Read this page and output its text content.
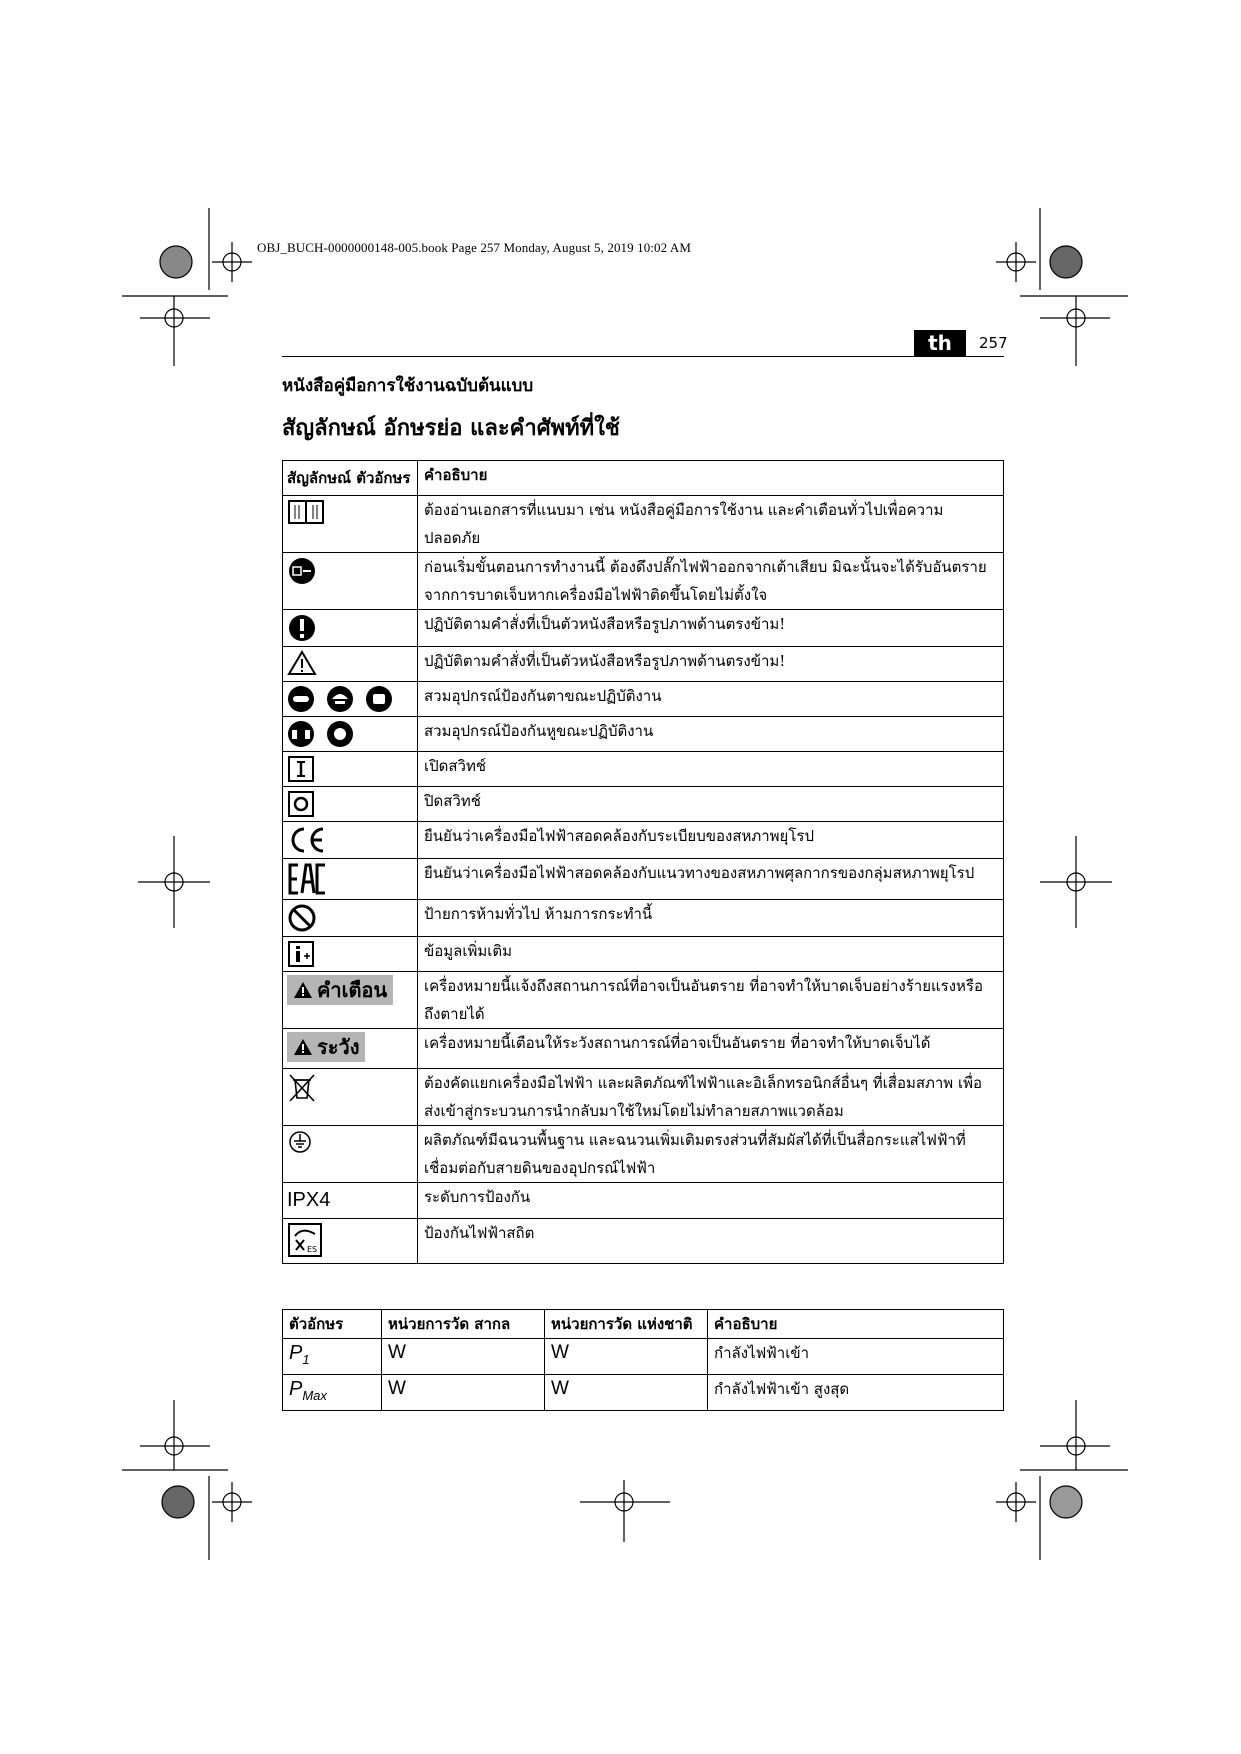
OBJ_BUCH-0000000148-005.book Page 257 Monday, August 5, 2019 10:02 AM
th	257
หนังสือคู่มือการใช้งานฉบับต้นแบบ
สัญลักษณ์ อักษรย่อ และคำศัพท์ที่ใช้
สัญลักษณ์ ตัวอักษร	คำอธิบาย
	ต้องอ่านเอกสารที่แนบมา เช่น หนังสือคู่มือการใช้งาน และคำเตือนทั่วไปเพื่อความปลอดภัย
	ก่อนเริ่มขั้นตอนการทำงานนี้ ต้องดึงปลั๊กไฟฟ้าออกจากเต้าเสียบ มิฉะนั้นจะได้รับอันตรายจากการบาดเจ็บหากเครื่องมือไฟฟ้าติดขึ้นโดยไม่ตั้งใจ
	ปฏิบัติตามคำสั่งที่เป็นตัวหนังสือหรือรูปภาพด้านตรงข้าม!
	ปฏิบัติตามคำสั่งที่เป็นตัวหนังสือหรือรูปภาพด้านตรงข้าม!
	สวมอุปกรณ์ป้องกันตาขณะปฏิบัติงาน
	สวมอุปกรณ์ป้องกันหูขณะปฏิบัติงาน
	เปิดสวิทช์
	ปิดสวิทช์
	ยืนยันว่าเครื่องมือไฟฟ้าสอดคล้องกับระเบียบของสหภาพยุโรป
	ยืนยันว่าเครื่องมือไฟฟ้าสอดคล้องกับแนวทางของสหภาพศุลกากรของกลุ่มสหภาพยุโรป
	ป้ายการห้ามทั่วไป ห้ามการกระทำนี้
	ข้อมูลเพิ่มเติม

คำเตือน	เครื่องหมายนี้แจ้งถึงสถานการณ์ที่อาจเป็นอันตราย ที่อาจทำให้บาดเจ็บอย่างร้ายแรงหรือถึงตายได้

ระวัง	เครื่องหมายนี้เตือนให้ระวังสถานการณ์ที่อาจเป็นอันตราย ที่อาจทำให้บาดเจ็บได้
	ต้องคัดแยกเครื่องมือไฟฟ้า และผลิตภัณฑ์ไฟฟ้าและอิเล็กทรอนิกส์อื่นๆ ที่เสื่อมสภาพ เพื่อส่งเข้าสู่กระบวนการนำกลับมาใช้ใหม่โดยไม่ทำลายสภาพแวดล้อม
	ผลิตภัณฑ์มีฉนวนพื้นฐาน และฉนวนเพิ่มเติมตรงส่วนที่สัมผัสได้ที่เป็นสื่อกระแสไฟฟ้าที่เชื่อมต่อกับสายดินของอุปกรณ์ไฟฟ้า
IPX4	ระดับการป้องกัน

ES	ป้องกันไฟฟ้าสถิต
ตัวอักษร	หน่วยการวัด สากล	หน่วยการวัด แห่งชาติ	คำอธิบาย
$P_1$	W	W	กำลังไฟฟ้าเข้า
$P_{Max}$	W	W	กำลังไฟฟ้าเข้า สูงสุด
